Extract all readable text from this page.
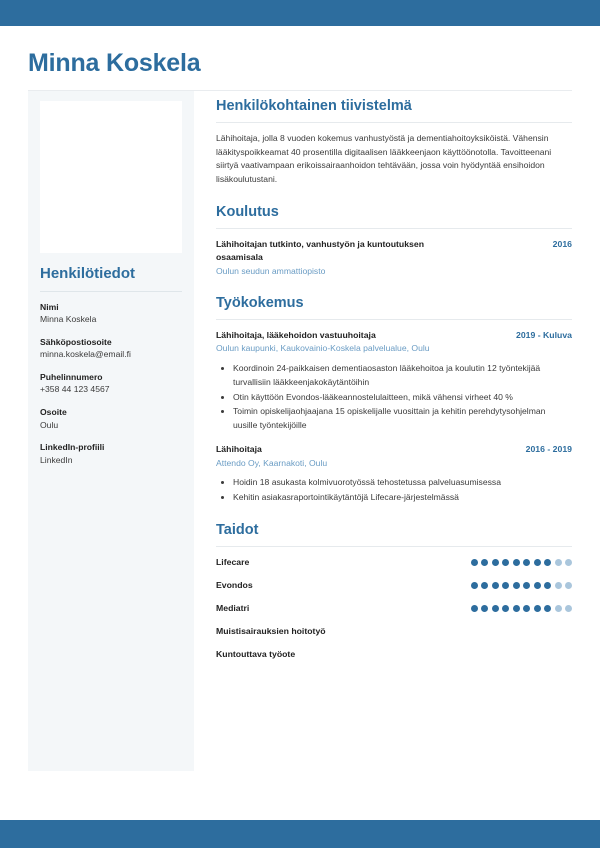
Minna Koskela
Henkilötiedot
Nimi
Minna Koskela
Sähköpostiosoite
minna.koskela@email.fi
Puhelinnumero
+358 44 123 4567
Osoite
Oulu
LinkedIn-profiili
LinkedIn
Henkilökohtainen tiivistelmä

Lähihoitaja, jolla 8 vuoden kokemus vanhustyöstä ja dementiahoitoyksiköistä. Vähensin lääkityspoikkeamat 40 prosentilla digitaalisen lääkkeenjaon käyttöönotolla. Tavoitteenani siirtyä vaativampaan erikoissairaanhoidon tehtävään, jossa voin hyödyntää ensihoidon lisäkoulutustani.

Koulutus
Lähihoitajan tutkinto, vanhustyön ja kuntoutuksen osaamisala
2016
Oulun seudun ammattiopisto
Työkokemus
Lähihoitaja, lääkehoidon vastuuhoitaja	2019 - Kuluva
Oulun kaupunki, Kaukovainio-Koskela palvelualue, Oulu
• Koordinoin 24-paikkaisen dementiaosaston lääkehoitoa ja koulutin 12 työntekijää turvallisiin lääkkeenjakokäytäntöihin
• Otin käyttöön Evondos-lääkeannostelulaitteen, mikä vähensi virheet 40 %
• Toimin opiskelijaohjaajana 15 opiskelijalle vuosittain ja kehitin perehdytysohjelman uusille työntekijöille
Lähihoitaja	2016 - 2019
Attendo Oy, Kaarnakoti, Oulu
• Hoidin 18 asukasta kolmivuorotyössä tehostetussa palveluasumisessa
• Kehitin asiakasraportointikäytäntöjä Lifecare-järjestelmässä
Taidot
Lifecare
Evondos
Mediatri
Muistisairauksien hoitotyö
Kuntouttava työote
